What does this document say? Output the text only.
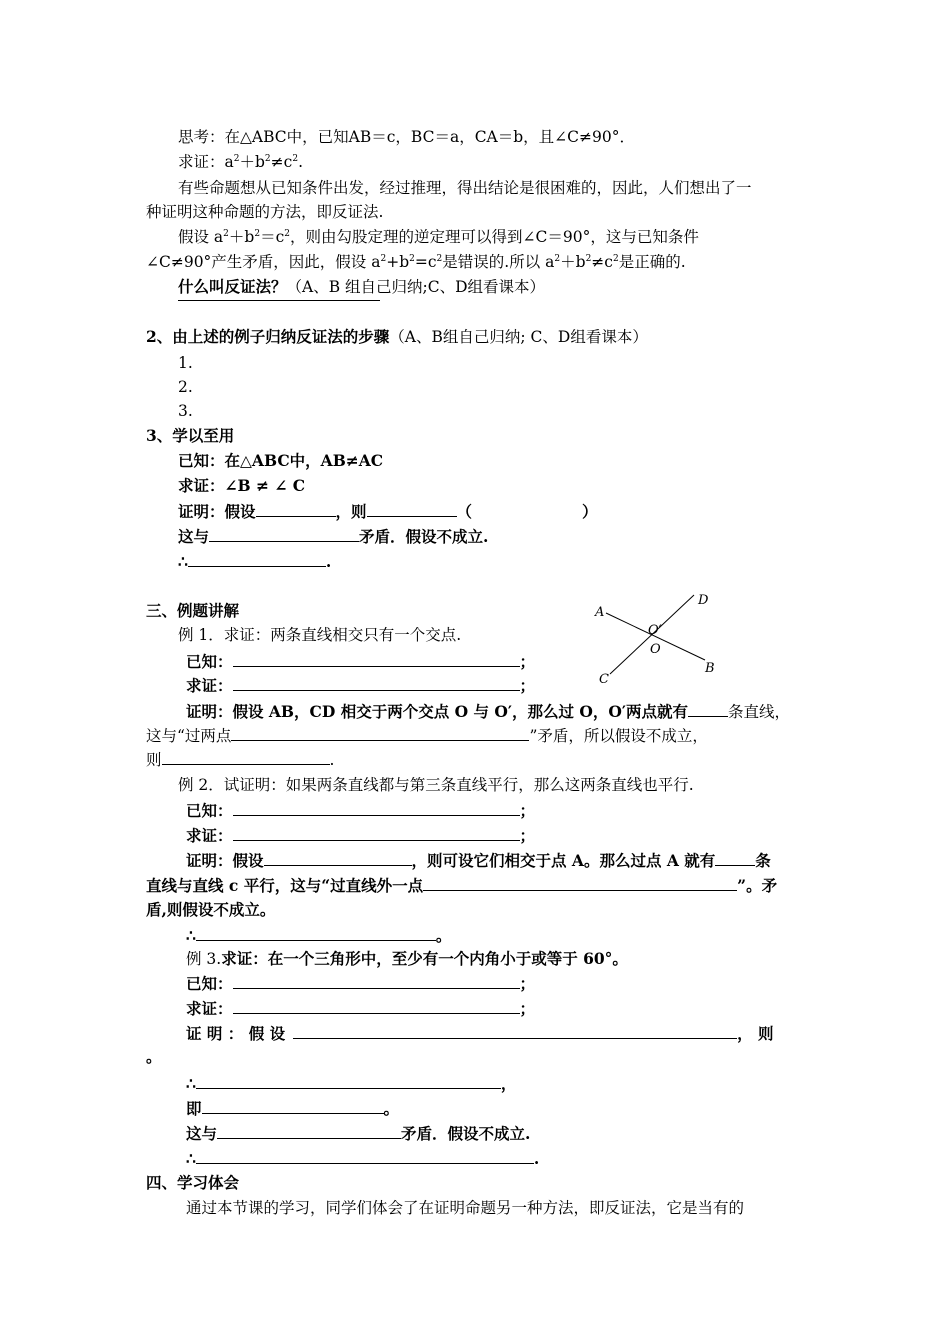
思考：在△ABC中，已知AB＝c，BC＝a，CA＝b，且∠C≠90°．
求证：$a^2+b^2\ne c^2$.
有些命题想从已知条件出发，经过推理，得出结论是很困难的，因此，人们想出了一
种证明这种命题的方法，即反证法.
假设 $a^2+b^2=c^2$，则由勾股定理的逆定理可以得到∠C＝90°，这与已知条件
∠C≠90°产生矛盾，因此，假设 $a^2+b^2=c^2$是错误的.所以 $a^2+b^2\ne c^2$是正确的.
什么叫反证法？（A、B 组自己归纳;C、D组看课本）
2、由上述的例子归纳反证法的步骤（A、B组自己归纳; C、D组看课本）
1.
2.
3.
3、学以至用
已知：在△ABC中，AB≠AC
求证：∠B ≠ ∠ C
证明：假设	，则	（	）
这与	矛盾．假设不成立.
∴	.
三、例题讲解
例 1．求证：两条直线相交只有一个交点.
已知：	；
求证：	；
证明：假设 AB，CD 相交于两个交点 O 与 O′，那么过 O，O′两点就有	条直线，
这与“过两点	”矛盾，所以假设不成立，
则	.
A
B
C
D
O
O′
例 2．试证明：如果两条直线都与第三条直线平行，那么这两条直线也平行.
已知：	；
求证：	；
证明：假设	，则可设它们相交于点 A。那么过点 A 就有	条
直线与直线 c 平行，这与“过直线外一点	”。矛
盾,则假设不成立。
∴	。
例 3.求证：在一个三角形中，至少有一个内角小于或等于 60°。
已知：	；
求证：	；
证 明 ： 假 设	， 则
。
∴	，
即	。
这与	矛盾．假设不成立.
∴	.
四、学习体会
通过本节课的学习，同学们体会了在证明命题另一种方法，即反证法，它是当有的
